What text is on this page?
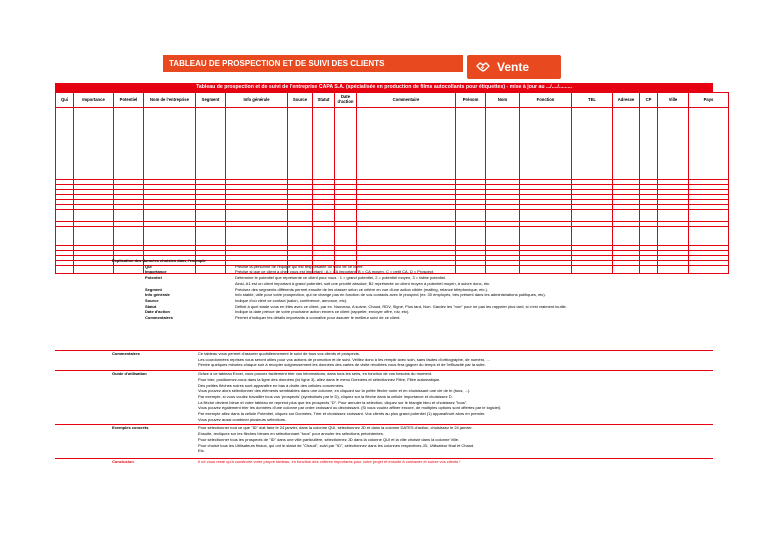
TABLEAU DE PROSPECTION ET DE SUIVI DES CLIENTS	Vente
Tableau de prospection et de suivi de l'entreprise CAPA S.A. (spécialisée en production de films autocollants pour étiquettes) - mise à jour au .../..../.........
Qui	Importance	Potentiel	Nom de l'entreprise	Segment	Info générale	Source	Statut	Date d'action	Commentaire	Prénom	Nom	Fonction	TEL	Adresse	CP	Ville	Pays

Explication des données choisies dans l'exemple
Qui	Précise la personne de l'équipe qui est responsable du suivi de ce client.
Importance	Précise si que ce client a chez vous est important : A = CA important, B = CA moyen, C = petit CA, D = Prospect.
Potentiel	Détermine le potentiel que représente ce client pour vous : 1 = grand potentiel, 2 = potentiel moyen, 3 = faible potentiel.
Ainsi, A1 est un client important à grand potentiel, soit une priorité absolue; B2 représente un client moyen à potentiel moyen, à suivre donc, etc.
Segment	Précisez des segments différents permet ensuite de les classer selon ce critère en vue d'une action ciblée (mailing, relance téléphonique, etc.).
Info générale	Info stable, utile pour votre prospection, qui ne change pas en fonction de vos contacts avec le prospect (ex: 30 employés, très présent dans les administrations publiques, etc).
Source	Indique d'où vient ce contact (salon, conférence, annonce, etc).
Statut	Définit à quel stade vous en êtes avec ce client, par ex. Nouveau, A suivre, Chaud, RDV, Signé, Plus tard, Non. Gardez les "non" pour ne pas les rappeler plus tard, si c'est vraiment inutile.
Date d'action	Indique la date prévue de votre prochaine action envers ce client (rappeler, envoyer offre, rdv, etc).
Commentaires	Permet d'indiquer les détails importants à connaître pour assurer le meilleur suivi de ce client.
Commentaires	Ce tableau vous permet d'assurer quotidiennement le suivi de tous vos clients et prospects.
Les coordonnées reprises vous seront utiles pour vos actions de promotion et de suivi. Veillez donc à les remplir avec soin, sans fautes d'orthographe, de numéro, ...
Perdre quelques minutes chaque soir à recopier soigneusement les données des cartes de visite récoltées vous fera gagner du temps et de l'efficacité par la suite.
Guide d'utilisation	Grâce à ce tableau Excel, vous pouvez facilement trier vos informations, dans tous les sens, en fonction de vos besoins du moment.
Pour trier, positionnez-vous dans la ligne des données (ici ligne 3), allez dans le menu Données et sélectionnez Filtre, Filtre automatique.
Des petites flèches noires sont apparaître en bas à droite des cellules concernées.
Vous pouvez alors sélectionner des éléments semblables dans une colonne, en cliquant sur la petite flèche noire et en choisissant une clé de tri (tous, ...).
Par exemple, si vous voulez travailler tous vos 'prospects' (symbolisés par le D), cliquez sur la flèche dans la cellule Importance et choisissez D.
La flèche devient bleue et votre tableau ne reprend plus que les prospects "D". Pour annuler la sélection, cliquez sur le triangle bleu et choisissez "tous".
Vous pouvez également trier les données d'une colonne par ordre croissant ou décroissant. (Si vous voulez affiner encore, de multiples options sont offertes par le logiciel).
Par exemple allez dans la cellule Potentiel, cliquez sur Données, Trier et choisissez croissant. Vos clients au plus grand potentiel (1) apparaîtront alors en premier.
Vous pouvez aussi combiner plusieurs sélections.
Exemples concrets	Pour sélectionner tout ce que "ID" doit faire le 24 janvier, dans la colonne QUI, sélectionnez JD et dans la colonne DATES d'action, choisissez le 24 janvier.
Ensuite, recliquez sur les flèches bleues en sélectionnant "tous" pour annuler les sélections précédentes.
Pour sélectionner tous les prospects de "ID" dans une ville particulière, sélectionnez JD dans la colonne QUI et la ville choisie dans la colonne Ville.
Pour choisir tous les Utilisateurs finaux, qui ont le statut de "Chaud", suivi par "ID", sélectionnez dans les colonnes respectives JD, Utilisateur final et Chaud.
Etc.
Conclusion	Il ne vous reste qu'à construire votre propre tableau, en fonction des critères importants pour votre projet et ensuite à contacter et suivre vos clients !
